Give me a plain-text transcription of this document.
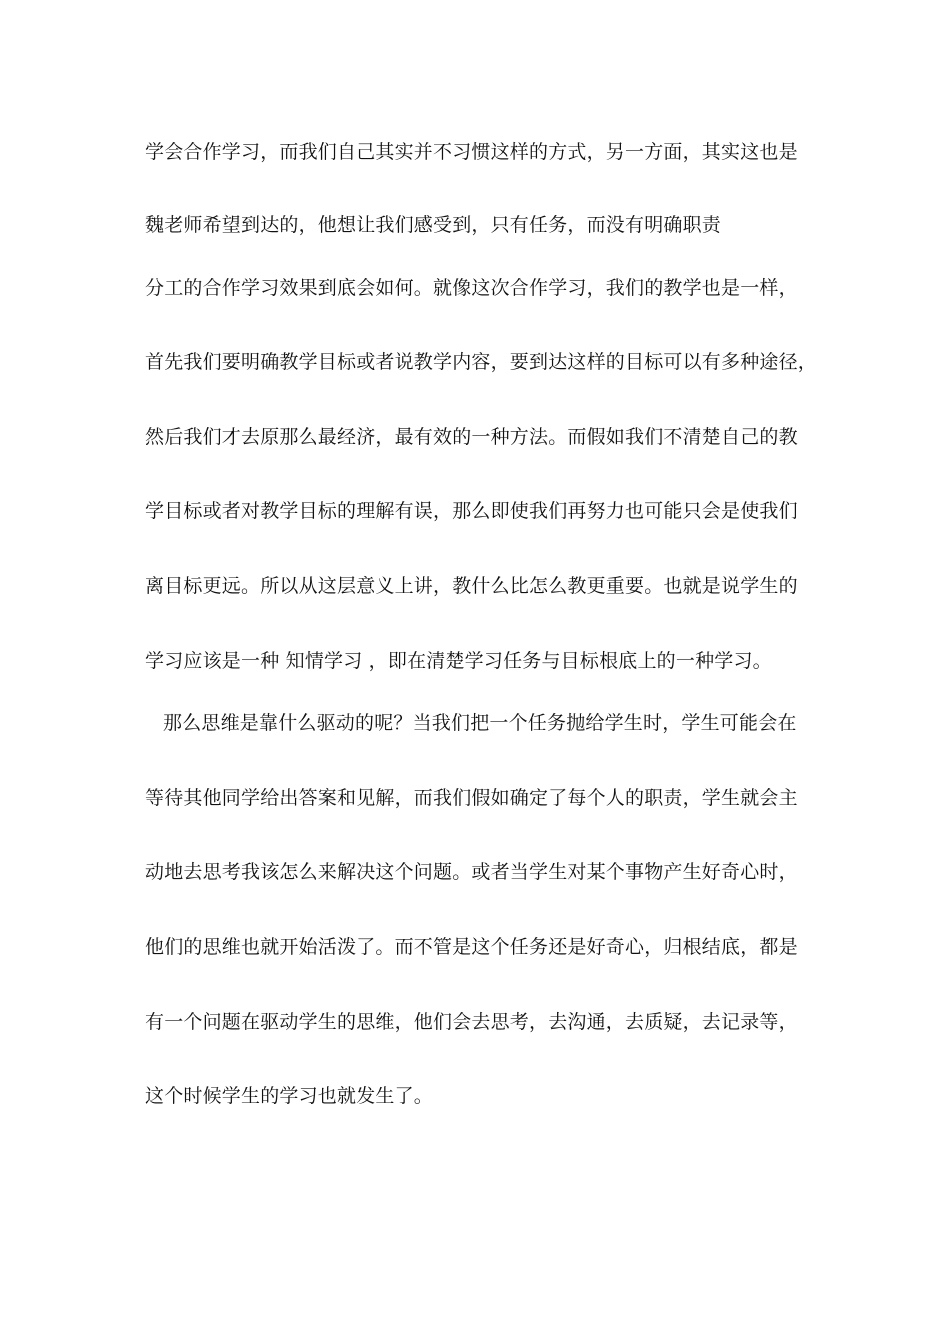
学会合作学习，而我们自己其实并不习惯这样的方式，另一方面，其实这也是
魏老师希望到达的，他想让我们感受到，只有任务，而没有明确职责
分工的合作学习效果到底会如何。就像这次合作学习，我们的教学也是一样，
首先我们要明确教学目标或者说教学内容，要到达这样的目标可以有多种途径，
然后我们才去原那么最经济，最有效的一种方法。而假如我们不清楚自己的教
学目标或者对教学目标的理解有误，那么即使我们再努力也可能只会是使我们
离目标更远。所以从这层意义上讲，教什么比怎么教更重要。也就是说学生的
学习应该是一种 知情学习 ，即在清楚学习任务与目标根底上的一种学习。
那么思维是靠什么驱动的呢？当我们把一个任务抛给学生时，学生可能会在
等待其他同学给出答案和见解，而我们假如确定了每个人的职责，学生就会主
动地去思考我该怎么来解决这个问题。或者当学生对某个事物产生好奇心时，
他们的思维也就开始活泼了。而不管是这个任务还是好奇心，归根结底，都是
有一个问题在驱动学生的思维，他们会去思考，去沟通，去质疑，去记录等，
这个时候学生的学习也就发生了。
